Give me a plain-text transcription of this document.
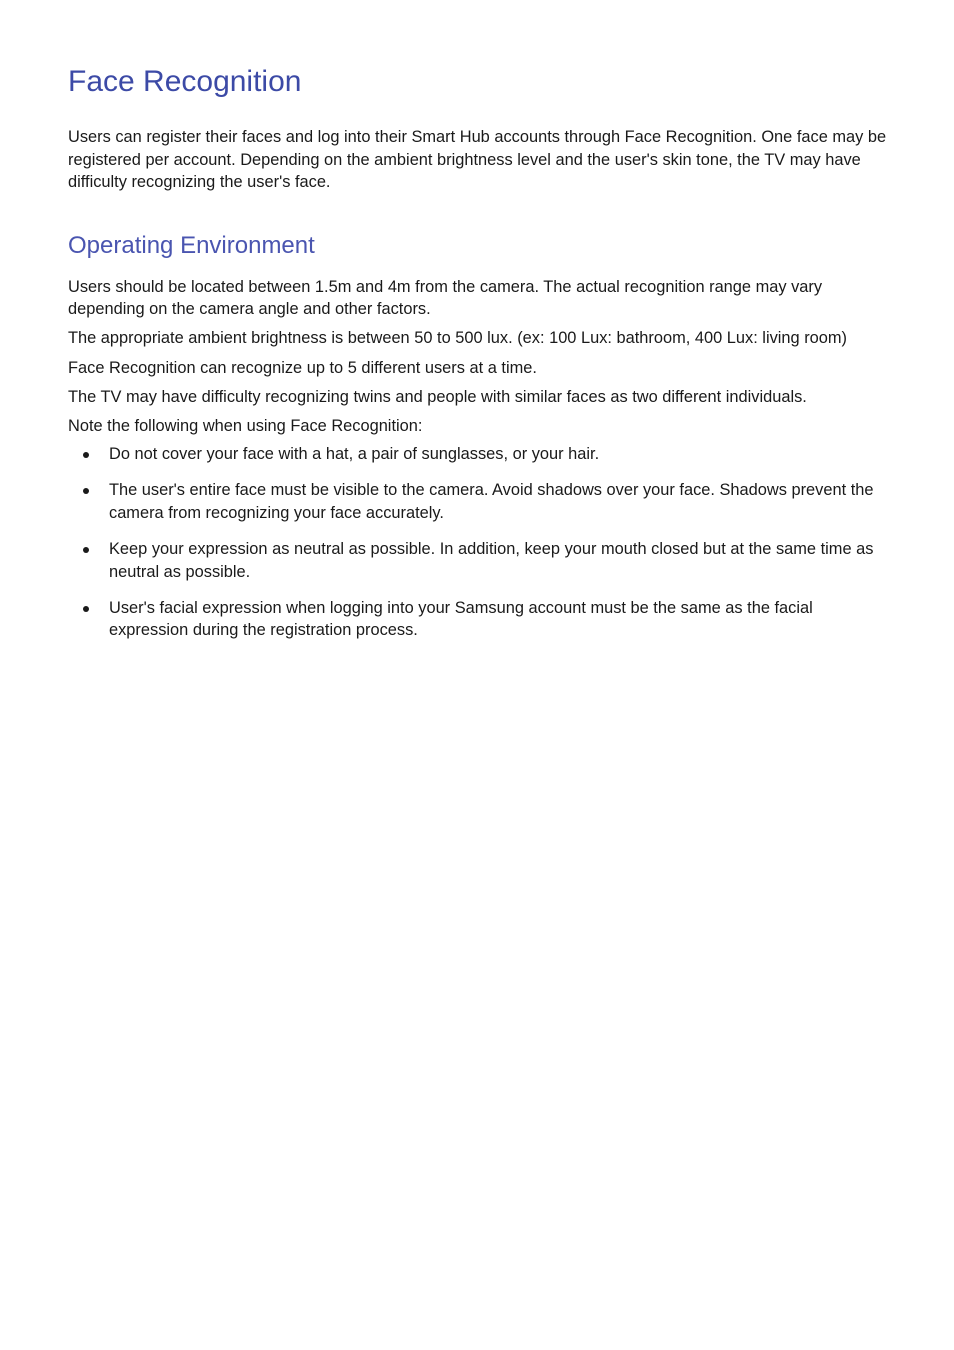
Face Recognition

Users can register their faces and log into their Smart Hub accounts through Face Recognition. One face may be registered per account. Depending on the ambient brightness level and the user's skin tone, the TV may have difficulty recognizing the user's face.

Operating Environment

Users should be located between 1.5m and 4m from the camera. The actual recognition range may vary depending on the camera angle and other factors.

The appropriate ambient brightness is between 50 to 500 lux. (ex: 100 Lux: bathroom, 400 Lux: living room)

Face Recognition can recognize up to 5 different users at a time.

The TV may have difficulty recognizing twins and people with similar faces as two different individuals.

Note the following when using Face Recognition:

Do not cover your face with a hat, a pair of sunglasses, or your hair.
The user's entire face must be visible to the camera. Avoid shadows over your face. Shadows prevent the camera from recognizing your face accurately.
Keep your expression as neutral as possible. In addition, keep your mouth closed but at the same time as neutral as possible.
User's facial expression when logging into your Samsung account must be the same as the facial expression during the registration process.
